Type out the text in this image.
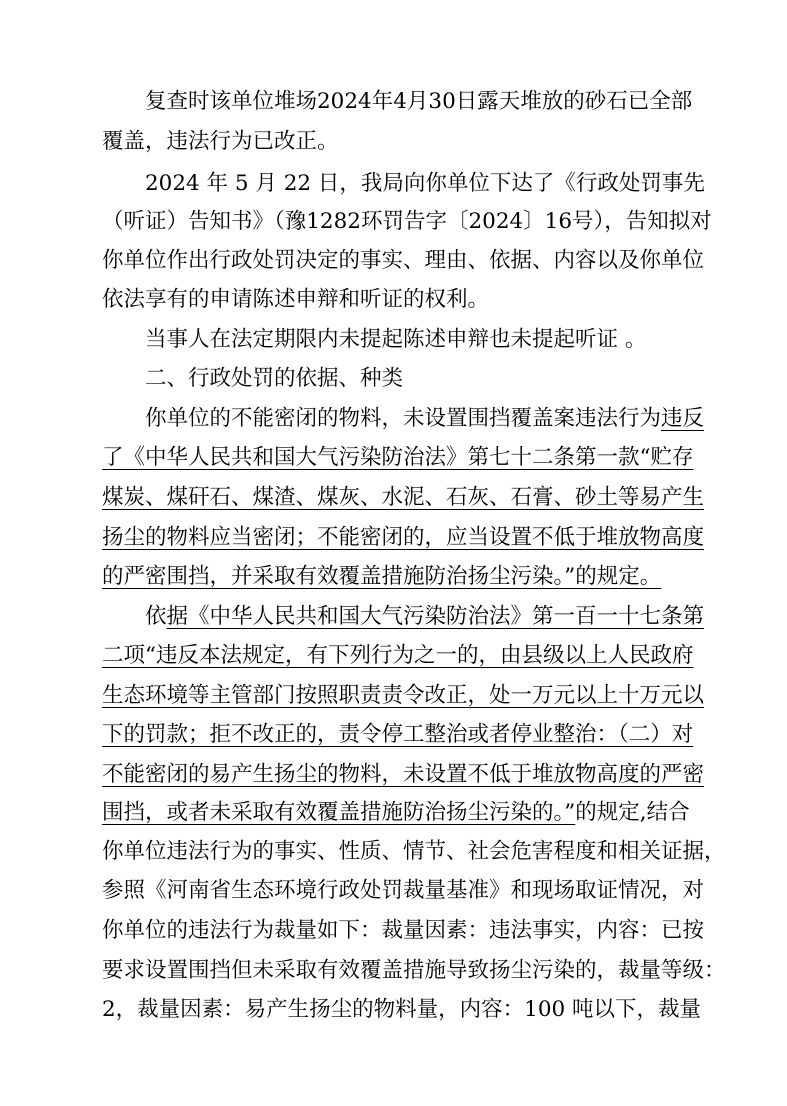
复查时该单位堆场2024年4月30日露天堆放的砂石已全部
覆盖，违法行为已改正。
2024 年 5 月 22 日，我局向你单位下达了《行政处罚事先
（听证）告知书》（豫1282环罚告字〔2024〕16号），告知拟对
你单位作出行政处罚决定的事实、理由、依据、内容以及你单位
依法享有的申请陈述申辩和听证的权利。
当事人在法定期限内未提起陈述申辩也未提起听证 。
二、行政处罚的依据、种类
你单位的不能密闭的物料，未设置围挡覆盖案违法行为违反
了《中华人民共和国大气污染防治法》第七十二条第一款“贮存
煤炭、煤矸石、煤渣、煤灰、水泥、石灰、石膏、砂土等易产生
扬尘的物料应当密闭；不能密闭的，应当设置不低于堆放物高度
的严密围挡，并采取有效覆盖措施防治扬尘污染。”的规定。
依据《中华人民共和国大气污染防治法》第一百一十七条第
二项“违反本法规定，有下列行为之一的，由县级以上人民政府
生态环境等主管部门按照职责责令改正，处一万元以上十万元以
下的罚款；拒不改正的，责令停工整治或者停业整治：（二）对
不能密闭的易产生扬尘的物料，未设置不低于堆放物高度的严密
围挡，或者未采取有效覆盖措施防治扬尘污染的。”的规定,结合
你单位违法行为的事实、性质、情节、社会危害程度和相关证据，
参照《河南省生态环境行政处罚裁量基准》和现场取证情况，对
你单位的违法行为裁量如下：裁量因素：违法事实，内容：已按
要求设置围挡但未采取有效覆盖措施导致扬尘污染的，裁量等级：
2，裁量因素：易产生扬尘的物料量，内容：100 吨以下，裁量
